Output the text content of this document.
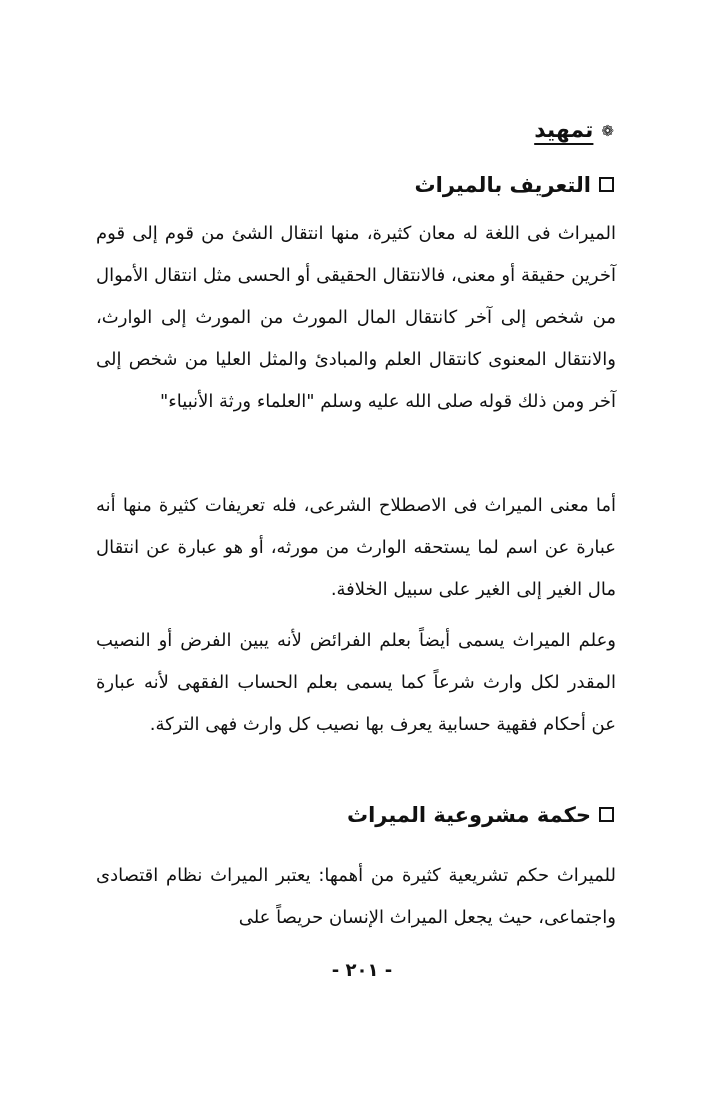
❁تمهيد
التعريف بالميراث

الميراث فى اللغة له معان كثيرة، منها انتقال الشئ من قوم إلى قوم آخرين حقيقة أو معنى، فالانتقال الحقيقى أو الحسى مثل انتقال الأموال من شخص إلى آخر كانتقال المال المورث من المورث إلى الوارث، والانتقال المعنوى كانتقال العلم والمبادئ والمثل العليا من شخص إلى آخر ومن ذلك قوله صلى الله عليه وسلم "العلماء ورثة الأنبياء"

أما معنى الميراث فى الاصطلاح الشرعى، فله تعريفات كثيرة منها أنه عبارة عن اسم لما يستحقه الوارث من مورثه، أو هو عبارة عن انتقال مال الغير إلى الغير على سبيل الخلافة.

وعلم الميراث يسمى أيضاً بعلم الفرائض لأنه يبين الفرض أو النصيب المقدر لكل وارث شرعاً كما يسمى بعلم الحساب الفقهى لأنه عبارة عن أحكام فقهية حسابية يعرف بها نصيب كل وارث فهى التركة.

حكمة مشروعية الميراث

للميراث حكم تشريعية كثيرة من أهمها: يعتبر الميراث نظام اقتصادى واجتماعى، حيث يجعل الميراث الإنسان حريصاً على

- ٢٠١ -
